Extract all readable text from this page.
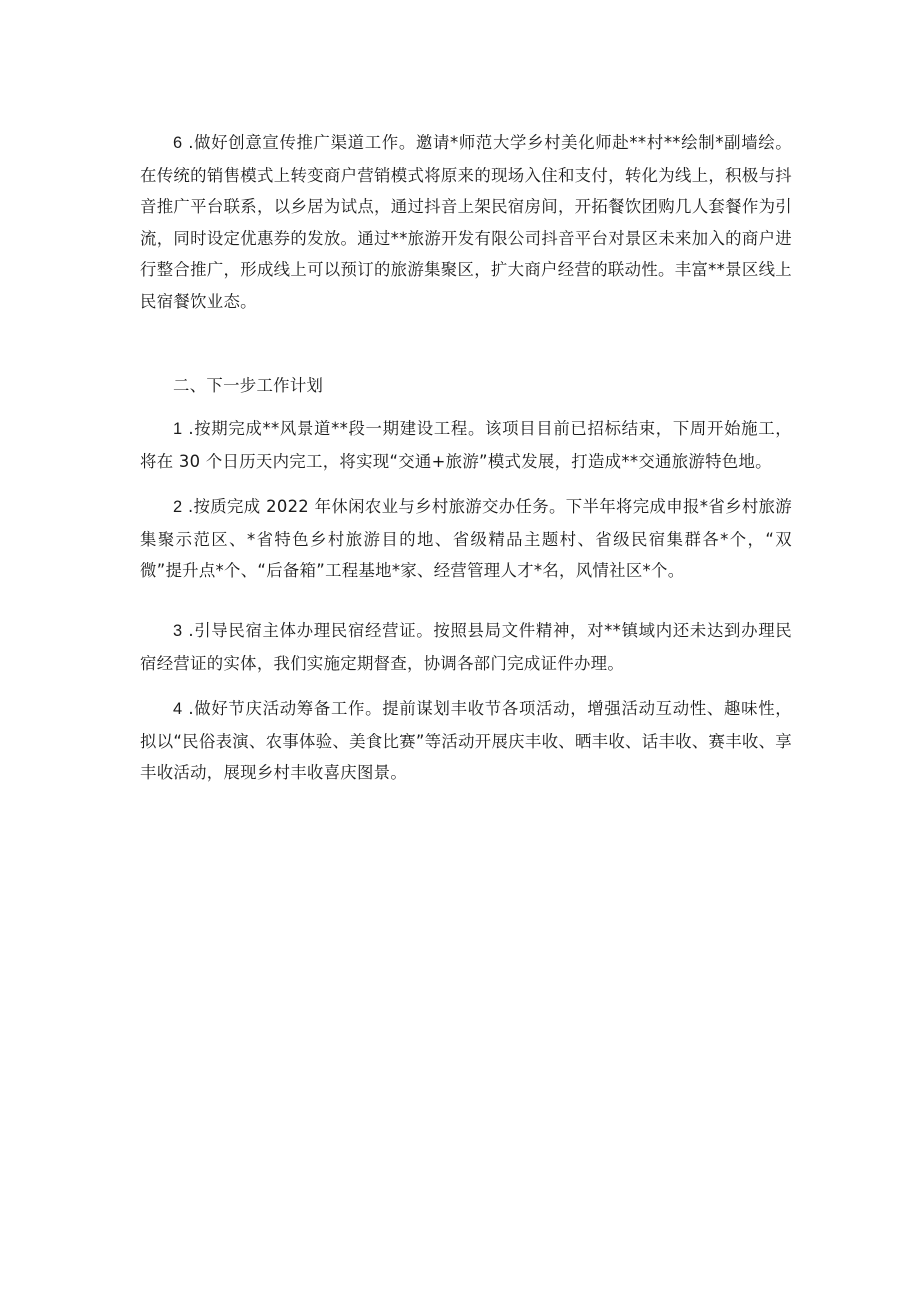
6 .做好创意宣传推广渠道工作。邀请*师范大学乡村美化师赴**村**绘制*副墙绘。在传统的销售模式上转变商户营销模式将原来的现场入住和支付，转化为线上，积极与抖音推广平台联系，以乡居为试点，通过抖音上架民宿房间，开拓餐饮团购几人套餐作为引流，同时设定优惠券的发放。通过**旅游开发有限公司抖音平台对景区未来加入的商户进行整合推广，形成线上可以预订的旅游集聚区，扩大商户经营的联动性。丰富**景区线上民宿餐饮业态。

二、下一步工作计划

1 .按期完成**风景道**段一期建设工程。该项目目前已招标结束，下周开始施工，将在 30 个日历天内完工，将实现“交通+旅游”模式发展，打造成**交通旅游特色地。

2 .按质完成 2022 年休闲农业与乡村旅游交办任务。下半年将完成申报*省乡村旅游集聚示范区、*省特色乡村旅游目的地、省级精品主题村、省级民宿集群各*个，“双微”提升点*个、“后备箱”工程基地*家、经营管理人才*名，风情社区*个。

3 .引导民宿主体办理民宿经营证。按照县局文件精神，对**镇域内还未达到办理民宿经营证的实体，我们实施定期督查，协调各部门完成证件办理。

4 .做好节庆活动筹备工作。提前谋划丰收节各项活动，增强活动互动性、趣味性，拟以“民俗表演、农事体验、美食比赛”等活动开展庆丰收、晒丰收、话丰收、赛丰收、享丰收活动，展现乡村丰收喜庆图景。
